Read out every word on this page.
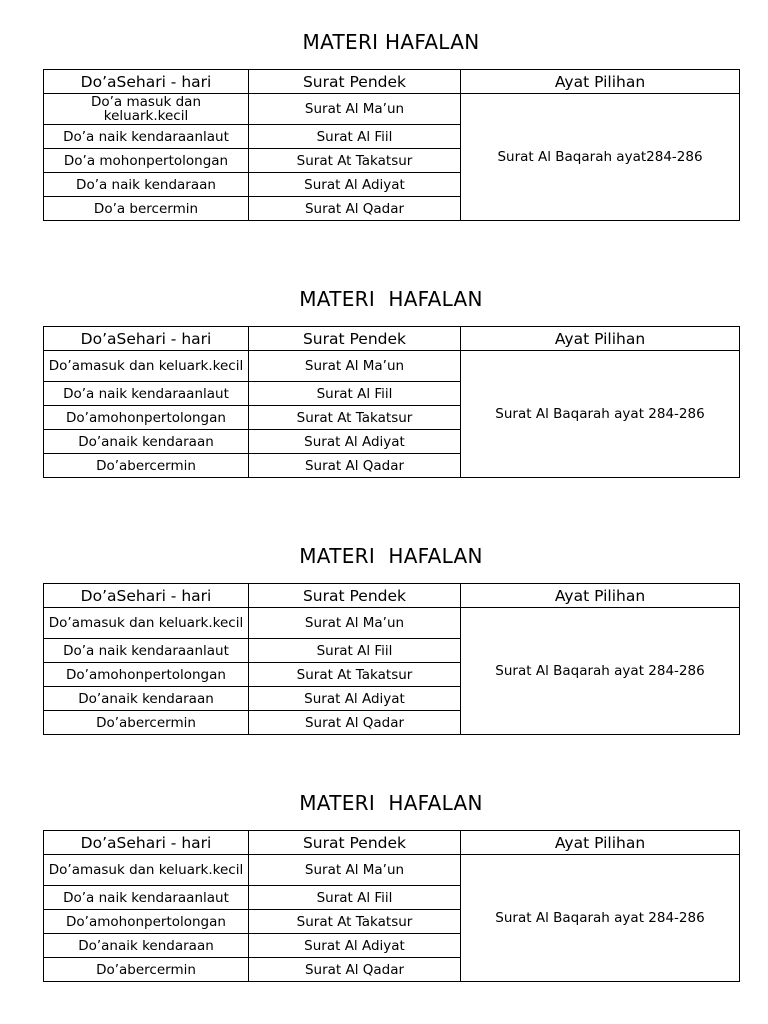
MATERI HAFALAN
Do’aSehari - hari	Surat Pendek	Ayat Pilihan
Do’a masuk dan keluark.kecil	Surat Al Ma’un	Surat Al Baqarah ayat284-286
Do’a naik kendaraanlaut	Surat Al Fiil	
Do’a mohonpertolongan	Surat At Takatsur	
Do’a naik kendaraan	Surat Al Adiyat	
Do’a bercermin	Surat Al Qadar	
MATERI  HAFALAN
Do’aSehari - hari	Surat Pendek	Ayat Pilihan
Do’amasuk dan keluark.kecil	Surat Al Ma’un	Surat Al Baqarah ayat 284-286
Do’a naik kendaraanlaut	Surat Al Fiil	
Do’amohonpertolongan	Surat At Takatsur	
Do’anaik kendaraan	Surat Al Adiyat	
Do’abercermin	Surat Al Qadar	
MATERI  HAFALAN
Do’aSehari - hari	Surat Pendek	Ayat Pilihan
Do’amasuk dan keluark.kecil	Surat Al Ma’un	Surat Al Baqarah ayat 284-286
Do’a naik kendaraanlaut	Surat Al Fiil	
Do’amohonpertolongan	Surat At Takatsur	
Do’anaik kendaraan	Surat Al Adiyat	
Do’abercermin	Surat Al Qadar	
MATERI  HAFALAN
Do’aSehari - hari	Surat Pendek	Ayat Pilihan
Do’amasuk dan keluark.kecil	Surat Al Ma’un	Surat Al Baqarah ayat 284-286
Do’a naik kendaraanlaut	Surat Al Fiil	
Do’amohonpertolongan	Surat At Takatsur	
Do’anaik kendaraan	Surat Al Adiyat	
Do’abercermin	Surat Al Qadar	
